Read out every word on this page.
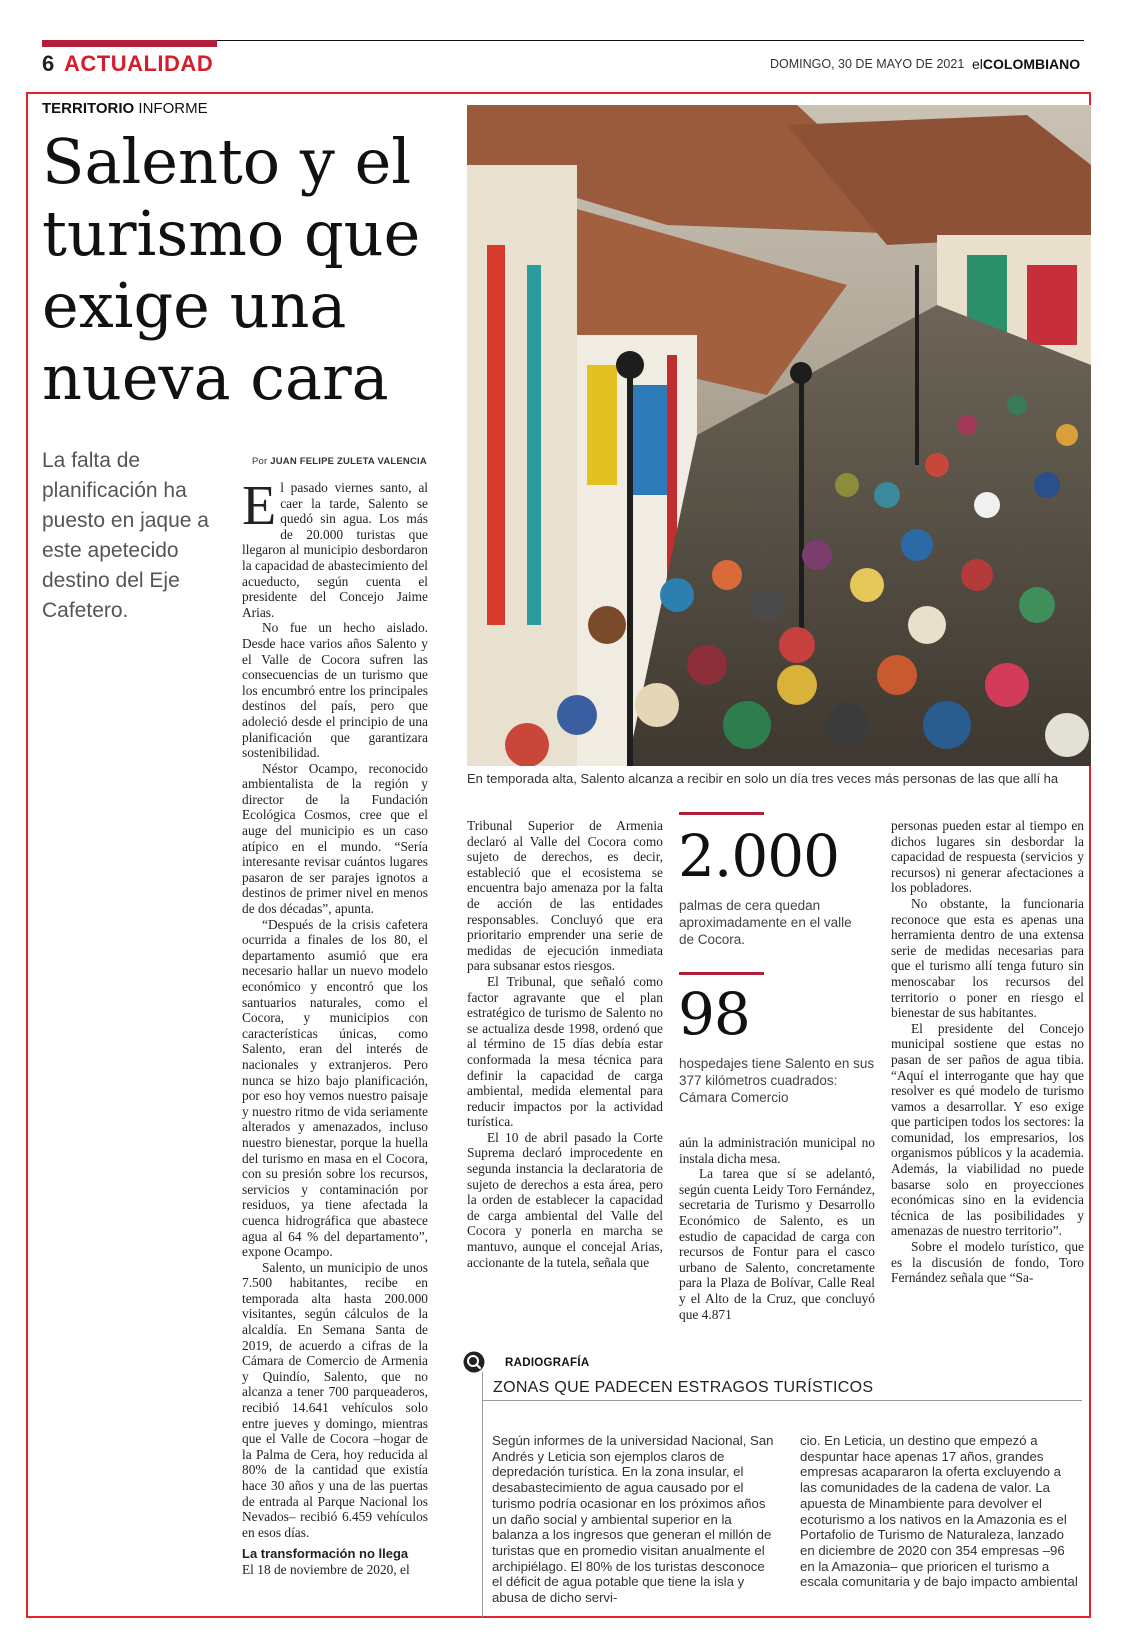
6 ACTUALIDAD	DOMINGO, 30 DE MAYO DE 2021 elCOLOMBIANO
TERRITORIO INFORME
Salento y el turismo que exige una nueva cara
La falta de planificación ha puesto en jaque a este apetecido destino del Eje Cafetero.
Por JUAN FELIPE ZULETA VALENCIA

El pasado viernes santo, al caer la tarde, Salento se quedó sin agua. Los más de 20.000 turistas que llegaron al municipio desbordaron la capacidad de abastecimiento del acueducto, según cuenta el presidente del Concejo Jaime Arias.

No fue un hecho aislado. Desde hace varios años Salento y el Valle de Cocora sufren las consecuencias de un turismo que los encumbró entre los principales destinos del país, pero que adoleció desde el principio de una planificación que garantizara sostenibilidad.

Néstor Ocampo, reconocido ambientalista de la región y director de la Fundación Ecológica Cosmos, cree que el auge del municipio es un caso atípico en el mundo. “Sería interesante revisar cuántos lugares pasaron de ser parajes ignotos a destinos de primer nivel en menos de dos décadas”, apunta.

“Después de la crisis cafetera ocurrida a finales de los 80, el departamento asumió que era necesario hallar un nuevo modelo económico y encontró que los santuarios naturales, como el Cocora, y municipios con características únicas, como Salento, eran del interés de nacionales y extranjeros. Pero nunca se hizo bajo planificación, por eso hoy vemos nuestro paisaje y nuestro ritmo de vida seriamente alterados y amenazados, incluso nuestro bienestar, porque la huella del turismo en masa en el Cocora, con su presión sobre los recursos, servicios y contaminación por residuos, ya tiene afectada la cuenca hidrográfica que abastece agua al 64 % del departamento”, expone Ocampo.

Salento, un municipio de unos 7.500 habitantes, recibe en temporada alta hasta 200.000 visitantes, según cálculos de la alcaldía. En Semana Santa de 2019, de acuerdo a cifras de la Cámara de Comercio de Armenia y Quindío, Salento, que no alcanza a tener 700 parqueaderos, recibió 14.641 vehículos solo entre jueves y domingo, mientras que el Valle de Cocora –hogar de la Palma de Cera, hoy reducida al 80% de la cantidad que existía hace 30 años y una de las puertas de entrada al Parque Nacional los Nevados– recibió 6.459 vehículos en esos días.

La transformación no llega

El 18 de noviembre de 2020, el

En temporada alta, Salento alcanza a recibir en solo un día tres veces más personas de las que allí ha

Tribunal Superior de Armenia declaró al Valle del Cocora como sujeto de derechos, es decir, estableció que el ecosistema se encuentra bajo amenaza por la falta de acción de las entidades responsables. Concluyó que era prioritario emprender una serie de medidas de ejecución inmediata para subsanar estos riesgos.

El Tribunal, que señaló como factor agravante que el plan estratégico de turismo de Salento no se actualiza desde 1998, ordenó que al término de 15 días debía estar conformada la mesa técnica para definir la capacidad de carga ambiental, medida elemental para reducir impactos por la actividad turística.

El 10 de abril pasado la Corte Suprema declaró improcedente en segunda instancia la declaratoria de sujeto de derechos a esta área, pero la orden de establecer la capacidad de carga ambiental del Valle del Cocora y ponerla en marcha se mantuvo, aunque el concejal Arias, accionante de la tutela, señala que

2.000
palmas de cera quedan aproximadamente en el valle de Cocora.
98
hospedajes tiene Salento en sus 377 kilómetros cuadrados: Cámara Comercio

aún la administración municipal no instala dicha mesa.

La tarea que sí se adelantó, según cuenta Leidy Toro Fernández, secretaria de Turismo y Desarrollo Económico de Salento, es un estudio de capacidad de carga con recursos de Fontur para el casco urbano de Salento, concretamente para la Plaza de Bolívar, Calle Real y el Alto de la Cruz, que concluyó que 4.871

personas pueden estar al tiempo en dichos lugares sin desbordar la capacidad de respuesta (servicios y recursos) ni generar afectaciones a los pobladores.

No obstante, la funcionaria reconoce que esta es apenas una herramienta dentro de una extensa serie de medidas necesarias para que el turismo allí tenga futuro sin menoscabar los recursos del territorio o poner en riesgo el bienestar de sus habitantes.

El presidente del Concejo municipal sostiene que estas no pasan de ser paños de agua tibia. “Aquí el interrogante que hay que resolver es qué modelo de turismo vamos a desarrollar. Y eso exige que participen todos los sectores: la comunidad, los empresarios, los organismos públicos y la academia. Además, la viabilidad no puede basarse solo en proyecciones económicas sino en la evidencia técnica de las posibilidades y amenazas de nuestro territorio”.

Sobre el modelo turístico, que es la discusión de fondo, Toro Fernández señala que “Sa-

RADIOGRAFÍA
ZONAS QUE PADECEN ESTRAGOS TURÍSTICOS

Según informes de la universidad Nacional, San Andrés y Leticia son ejemplos claros de depredación turística. En la zona insular, el desabastecimiento de agua causado por el turismo podría ocasionar en los próximos años un daño social y ambiental superior en la balanza a los ingresos que generan el millón de turistas que en promedio visitan anualmente el archipiélago. El 80% de los turistas desconoce el déficit de agua potable que tiene la isla y abusa de dicho servi-

cio. En Leticia, un destino que empezó a despuntar hace apenas 17 años, grandes empresas acapararon la oferta excluyendo a las comunidades de la cadena de valor. La apuesta de Minambiente para devolver el ecoturismo a los nativos en la Amazonia es el Portafolio de Turismo de Naturaleza, lanzado en diciembre de 2020 con 354 empresas –96 en la Amazonia– que prioricen el turismo a escala comunitaria y de bajo impacto ambiental
